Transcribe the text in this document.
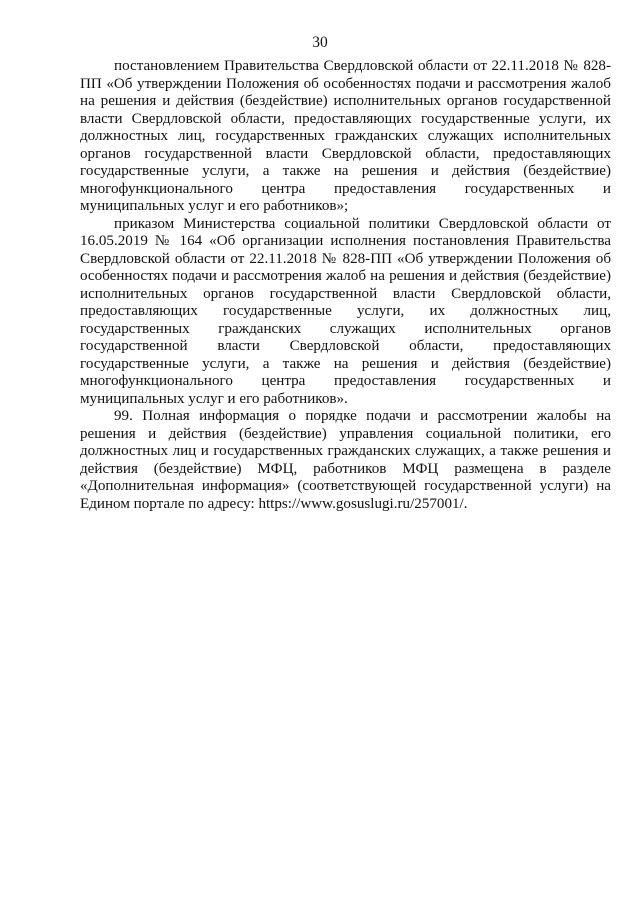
30

постановлением Правительства Свердловской области от 22.11.2018 № 828-ПП «Об утверждении Положения об особенностях подачи и рассмотрения жалоб на решения и действия (бездействие) исполнительных органов государственной власти Свердловской области, предоставляющих государственные услуги, их должностных лиц, государственных гражданских служащих исполнительных органов государственной власти Свердловской области, предоставляющих государственные услуги, а также на решения и действия (бездействие) многофункционального центра предоставления государственных и муниципальных услуг и его работников»;

приказом Министерства социальной политики Свердловской области от 16.05.2019 № 164 «Об организации исполнения постановления Правительства Свердловской области от 22.11.2018 № 828-ПП «Об утверждении Положения об особенностях подачи и рассмотрения жалоб на решения и действия (бездействие) исполнительных органов государственной власти Свердловской области, предоставляющих государственные услуги, их должностных лиц, государственных гражданских служащих исполнительных органов государственной власти Свердловской области, предоставляющих государственные услуги, а также на решения и действия (бездействие) многофункционального центра предоставления государственных и муниципальных услуг и его работников».

99. Полная информация о порядке подачи и рассмотрении жалобы на решения и действия (бездействие) управления социальной политики, его должностных лиц и государственных гражданских служащих, а также решения и действия (бездействие) МФЦ, работников МФЦ размещена в разделе «Дополнительная информация» (соответствующей государственной услуги) на Едином портале по адресу: https://www.gosuslugi.ru/257001/.
